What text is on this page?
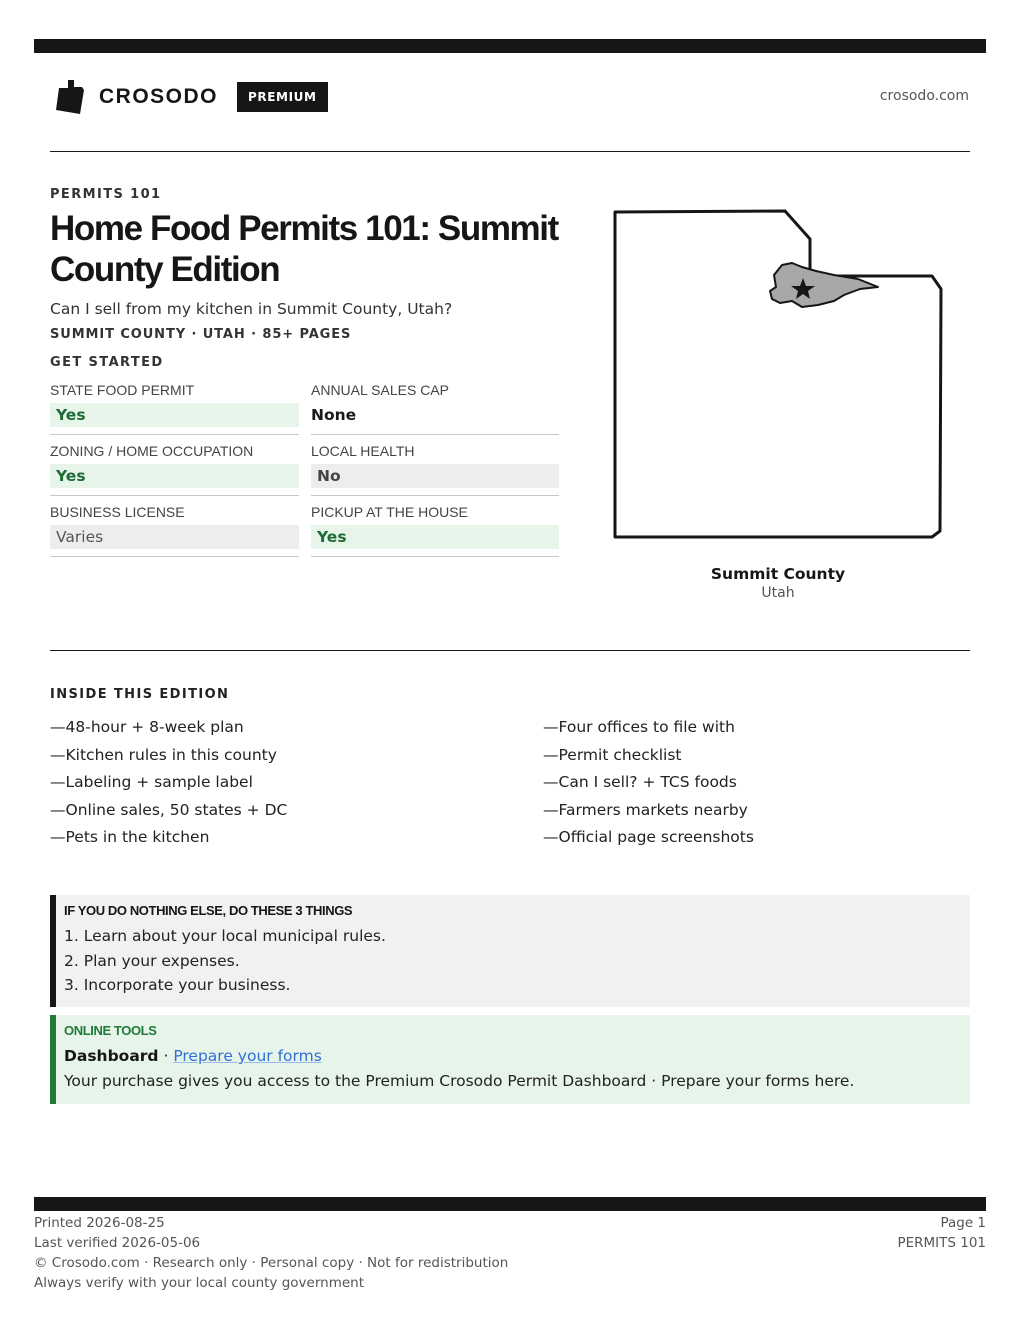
CROSODO	PREMIUM	crosodo.com
PERMITS 101
Home Food Permits 101: Summit County Edition
Can I sell from my kitchen in Summit County, Utah?
SUMMIT COUNTY · UTAH · 85+ PAGES
GET STARTED
STATE FOOD PERMIT
Yes
ANNUAL SALES CAP
None
ZONING / HOME OCCUPATION
Yes
LOCAL HEALTH
No
BUSINESS LICENSE
Varies
PICKUP AT THE HOUSE
Yes
Summit County
Utah
INSIDE THIS EDITION
—48-hour + 8-week plan
—Kitchen rules in this county
—Labeling + sample label
—Online sales, 50 states + DC
—Pets in the kitchen
—Four offices to file with
—Permit checklist
—Can I sell? + TCS foods
—Farmers markets nearby
—Official page screenshots
IF YOU DO NOTHING ELSE, DO THESE 3 THINGS
1. Learn about your local municipal rules.
2. Plan your expenses.
3. Incorporate your business.
ONLINE TOOLS
Dashboard · Prepare your forms
Your purchase gives you access to the Premium Crosodo Permit Dashboard · Prepare your forms here.
Printed 2026-08-25
Last verified 2026-05-06
© Crosodo.com · Research only · Personal copy · Not for redistribution
Always verify with your local county government
Page 1
PERMITS 101
